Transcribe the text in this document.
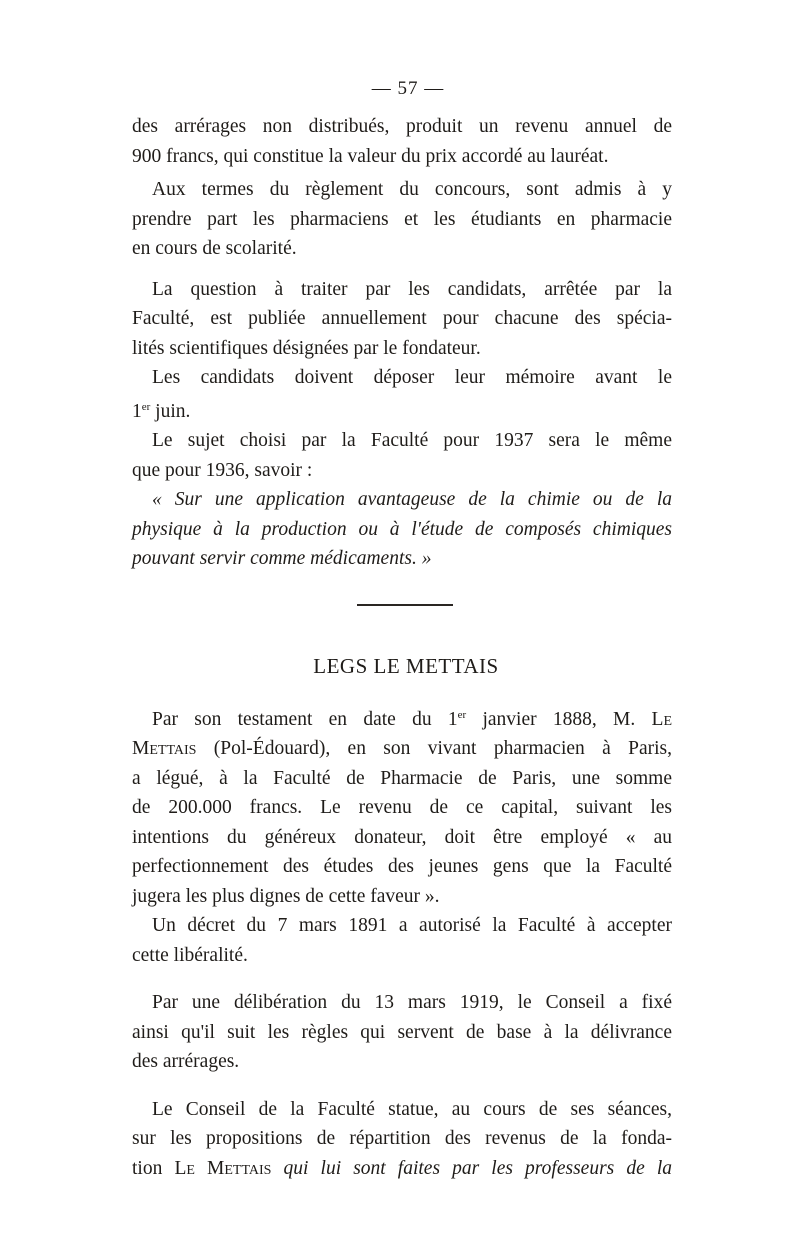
— 57 —

des arrérages non distribués, produit un revenu annuel de
900 francs, qui constitue la valeur du prix accordé au lauréat.

Aux termes du règlement du concours, sont admis à y
prendre part les pharmaciens et les étudiants en pharmacie
en cours de scolarité.

La question à traiter par les candidats, arrêtée par la
Faculté, est publiée annuellement pour chacune des spécia-
lités scientifiques désignées par le fondateur.

Les candidats doivent déposer leur mémoire avant le
1er juin.

Le sujet choisi par la Faculté pour 1937 sera le même
que pour 1936, savoir :

« Sur une application avantageuse de la chimie ou de la
physique à la production ou à l'étude de composés chimiques
pouvant servir comme médicaments. »

LEGS LE METTAIS

Par son testament en date du 1er janvier 1888, M. Le
Mettais (Pol-Édouard), en son vivant pharmacien à Paris,
a légué, à la Faculté de Pharmacie de Paris, une somme
de 200.000 francs. Le revenu de ce capital, suivant les
intentions du généreux donateur, doit être employé « au
perfectionnement des études des jeunes gens que la Faculté
jugera les plus dignes de cette faveur ».

Un décret du 7 mars 1891 a autorisé la Faculté à accepter
cette libéralité.

Par une délibération du 13 mars 1919, le Conseil a fixé
ainsi qu'il suit les règles qui servent de base à la délivrance
des arrérages.

Le Conseil de la Faculté statue, au cours de ses séances,
sur les propositions de répartition des revenus de la fonda-
tion Le Mettais qui lui sont faites par les professeurs de la
